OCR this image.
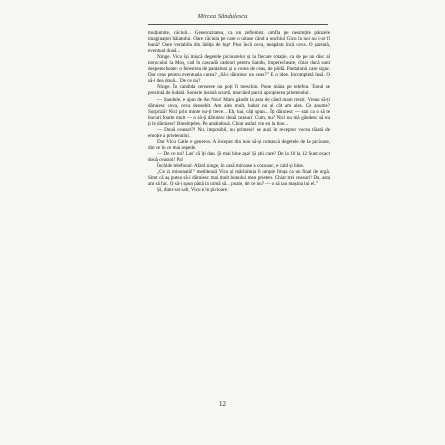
Mircea Săndulescu

mulțumite, căciuli... Generozitatea, ca un zeflemist, umfla pe nesimțite pânzele imaginației băiatului. Oare căciula pe care o uitase când a unchiul Gicu la noi nu i-ar fi bună? Oare veriabila din lădița de lup! Plus încă ceva, neapărat încă ceva. O șareată, eventual două...

Ninge. Vicu își mișcă degetele picioarelor și la fiecare rotație, ca de pe un disc al norocului la Moș, cad în cascadă cadouri pentru Sandu, împerecheate, chiar dacă sunt desperecheate: o ferestrea de pantaloni și o curea de ceas, de pildă. Pantalonii care sigur. Dar ceas pentru eventuala curea? „Să-i dăruiesc un ceas?” E o idee. Incompletă însă. O să-i dea două... De ce nu?

Ninge. În candida cerneree nu poți fi meschin. Pune mâna pe telefon. Tonul se prezintă de îndată. Sonerie insistă scurtă, marcând parcă apropierea prietenului.

— Sandule, e ajun de An Nou! Mam gândit la asta de când mam trezit. Vreau să-ți dăruiesc ceva, ceva deosebit. Am ales mult, habar nu ai cât am ales. Ce anume? Surpriză! Nici prin minte nu-ți trece... Eh, hai, câți spun... Îți dăruiesc — stai ca o să te bucuri foarte mult — o să-ți dăruiesc două ceasuri. Cum, nu? Nici nu mă gândesc să nu ți le dăruiesc! Bineînțeles. Pe amândouă. Chiar astăzi vin eu la tine...

— Două ceasuri?! Nu, imposibil, nu primesc! se auzi în receptor vocea tăiată de emoție a prietenului.

Dar Vicu Catie e generos. A început din nou să-și rotească degetele de la picioare, din ce în ce mai repede.

— De ce nu? Las' că îți dau. Și mai bine așa! Și știi care? De la 10 la 12 Sunt exact două ceasuri! Pa!

Închide telefonul. Afară ninge, în casă miroase a cozonac, e cald și bine.

„Ce zi minunată!” meditează Vicu și mărinimia îi umple ființa ca un final de orgă. Simt că aș putea să-i dăruiesc mai mult bunului meu prieten. Chiar trei ceasuri! Da, asta am să fac. O să-i spun până la urmă să... poate, de ce nu? — o să iau mașina lui el.”

Și, dintr-un salt, Vicu e în picioare.

12
